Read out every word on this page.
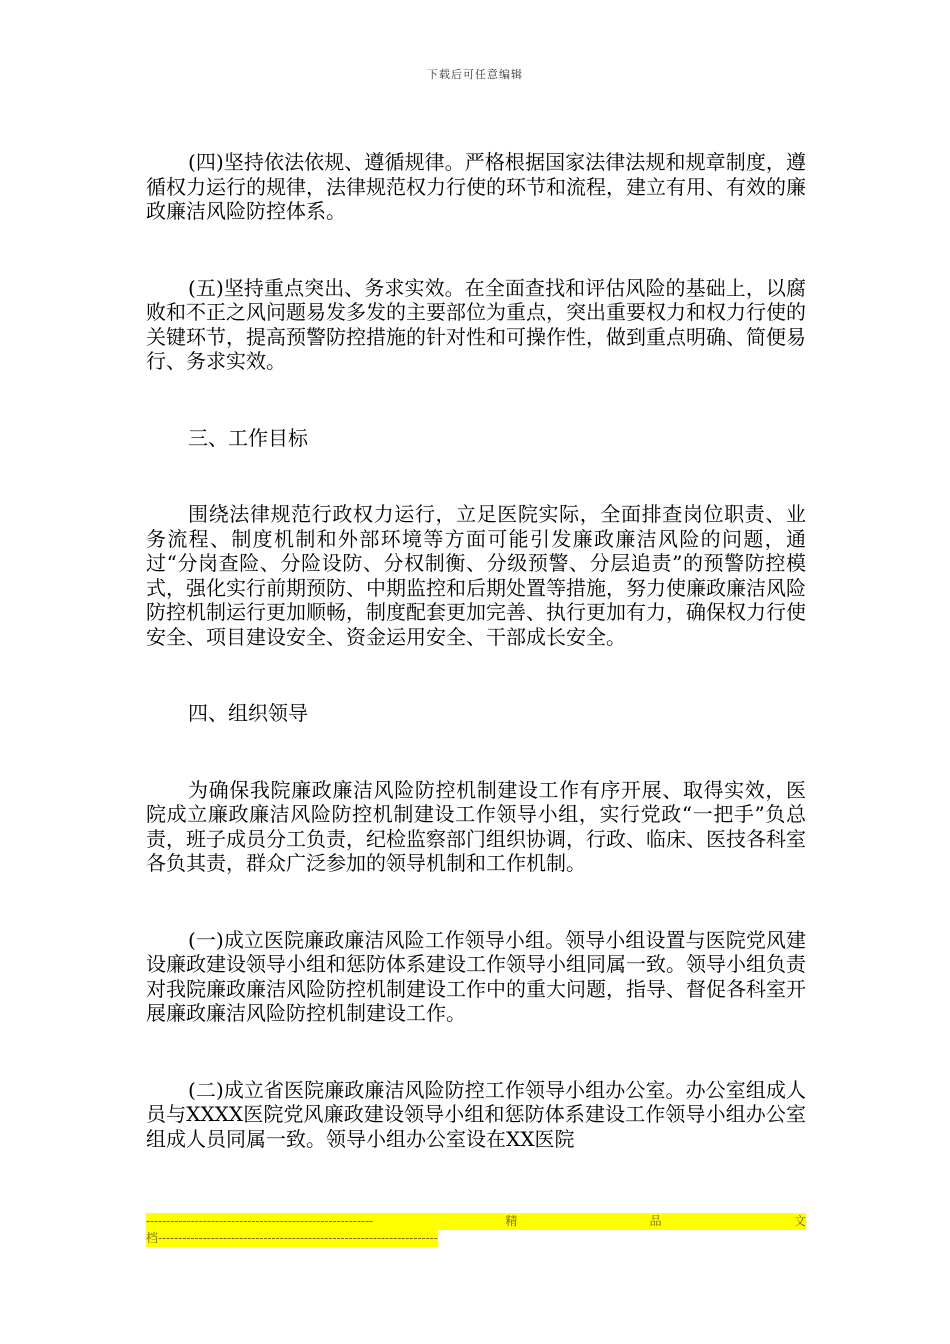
下载后可任意编辑

(四)坚持依法依规、遵循规律。严格根据国家法律法规和规章制度，遵循权力运行的规律，法律规范权力行使的环节和流程，建立有用、有效的廉政廉洁风险防控体系。

(五)坚持重点突出、务求实效。在全面查找和评估风险的基础上，以腐败和不正之风问题易发多发的主要部位为重点，突出重要权力和权力行使的关键环节，提高预警防控措施的针对性和可操作性，做到重点明确、简便易行、务求实效。

三、工作目标

围绕法律规范行政权力运行，立足医院实际，全面排查岗位职责、业务流程、制度机制和外部环境等方面可能引发廉政廉洁风险的问题，通过“分岗查险、分险设防、分权制衡、分级预警、分层追责”的预警防控模式，强化实行前期预防、中期监控和后期处置等措施，努力使廉政廉洁风险防控机制运行更加顺畅，制度配套更加完善、执行更加有力，确保权力行使安全、项目建设安全、资金运用安全、干部成长安全。

四、组织领导

为确保我院廉政廉洁风险防控机制建设工作有序开展、取得实效，医院成立廉政廉洁风险防控机制建设工作领导小组，实行党政“一把手”负总责，班子成员分工负责，纪检监察部门组织协调，行政、临床、医技各科室各负其责，群众广泛参加的领导机制和工作机制。

(一)成立医院廉政廉洁风险工作领导小组。领导小组设置与医院党风建设廉政建设领导小组和惩防体系建设工作领导小组同属一致。领导小组负责对我院廉政廉洁风险防控机制建设工作中的重大问题，指导、督促各科室开展廉政廉洁风险防控机制建设工作。

(二)成立省医院廉政廉洁风险防控工作领导小组办公室。办公室组成人员与XXXX医院党风廉政建设领导小组和惩防体系建设工作领导小组办公室组成人员同属一致。领导小组办公室设在XX医院

--------------------------------------------------------	精	品	文
档---------------------------------------------------------------------
